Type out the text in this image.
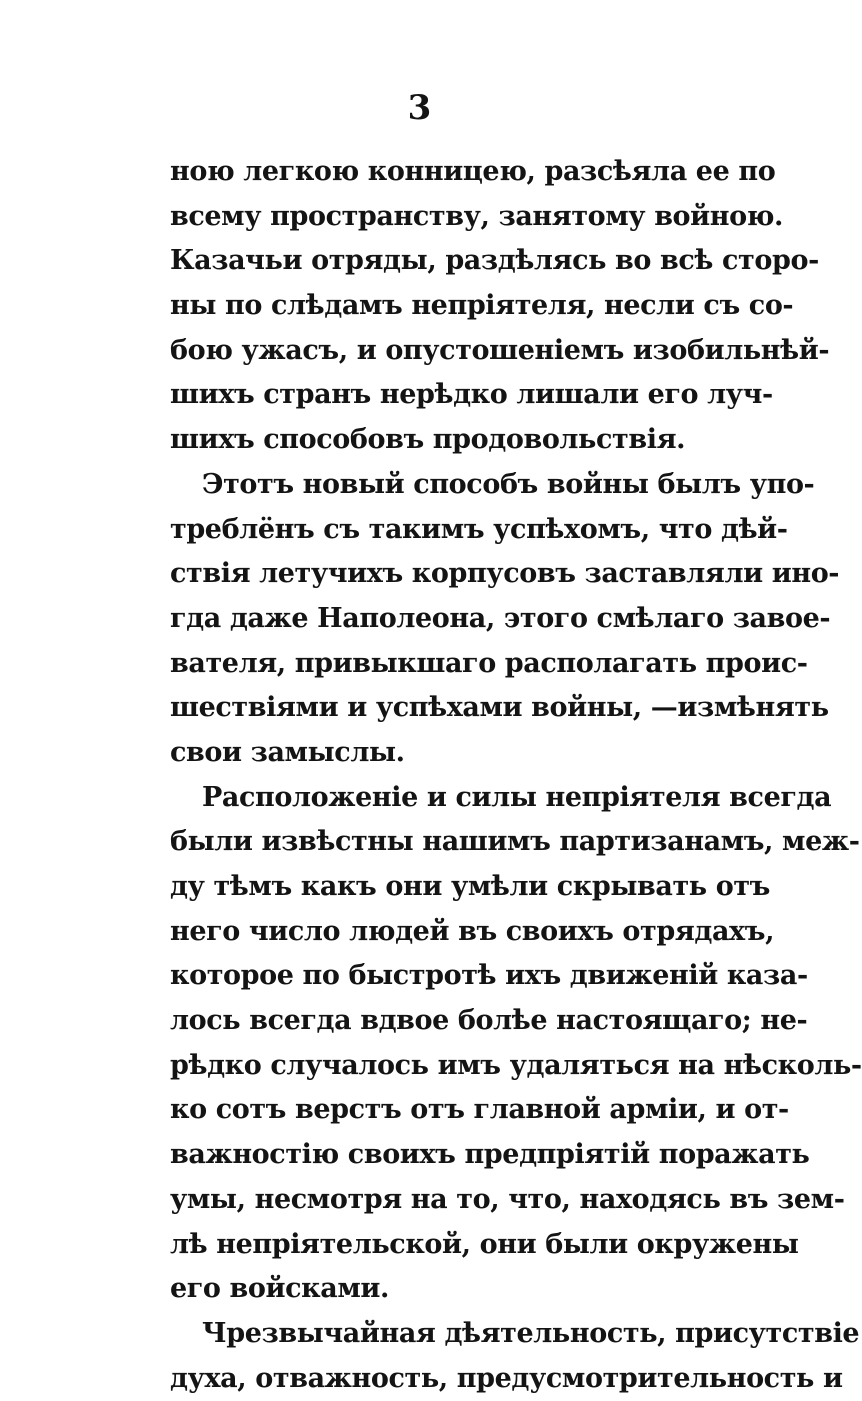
3
ною легкою конницею, разсѣяла ее по
всему пространству, занятому войною.
Казачьи отряды, раздѣлясь во всѣ сторо-
ны по слѣдамъ непріятеля, несли съ со-
бою ужасъ, и опустошеніемъ изобильнѣй-
шихъ странъ нерѣдко лишали его луч-
шихъ способовъ продовольствія.
Этотъ новый способъ войны былъ упо-
треблёнъ съ такимъ успѣхомъ, что дѣй-
ствія летучихъ корпусовъ заставляли ино-
гда даже Наполеона, этого смѣлаго завое-
вателя, привыкшаго располагать проис-
шествіями и успѣхами войны, —измѣнять
свои замыслы.
Расположеніе и силы непріятеля всегда
были извѣстны нашимъ партизанамъ, меж-
ду тѣмъ какъ они умѣли скрывать отъ
него число людей въ своихъ отрядахъ,
которое по быстротѣ ихъ движеній каза-
лось всегда вдвое болѣе настоящаго; не-
рѣдко случалось имъ удаляться на нѣсколь-
ко сотъ верстъ отъ главной арміи, и от-
важностію своихъ предпріятій поражать
умы, несмотря на то, что, находясь въ зем-
лѣ непріятельской, они были окружены
его войсками.
Чрезвычайная дѣятельность, присутствіе
духа, отважность, предусмотрительность и
